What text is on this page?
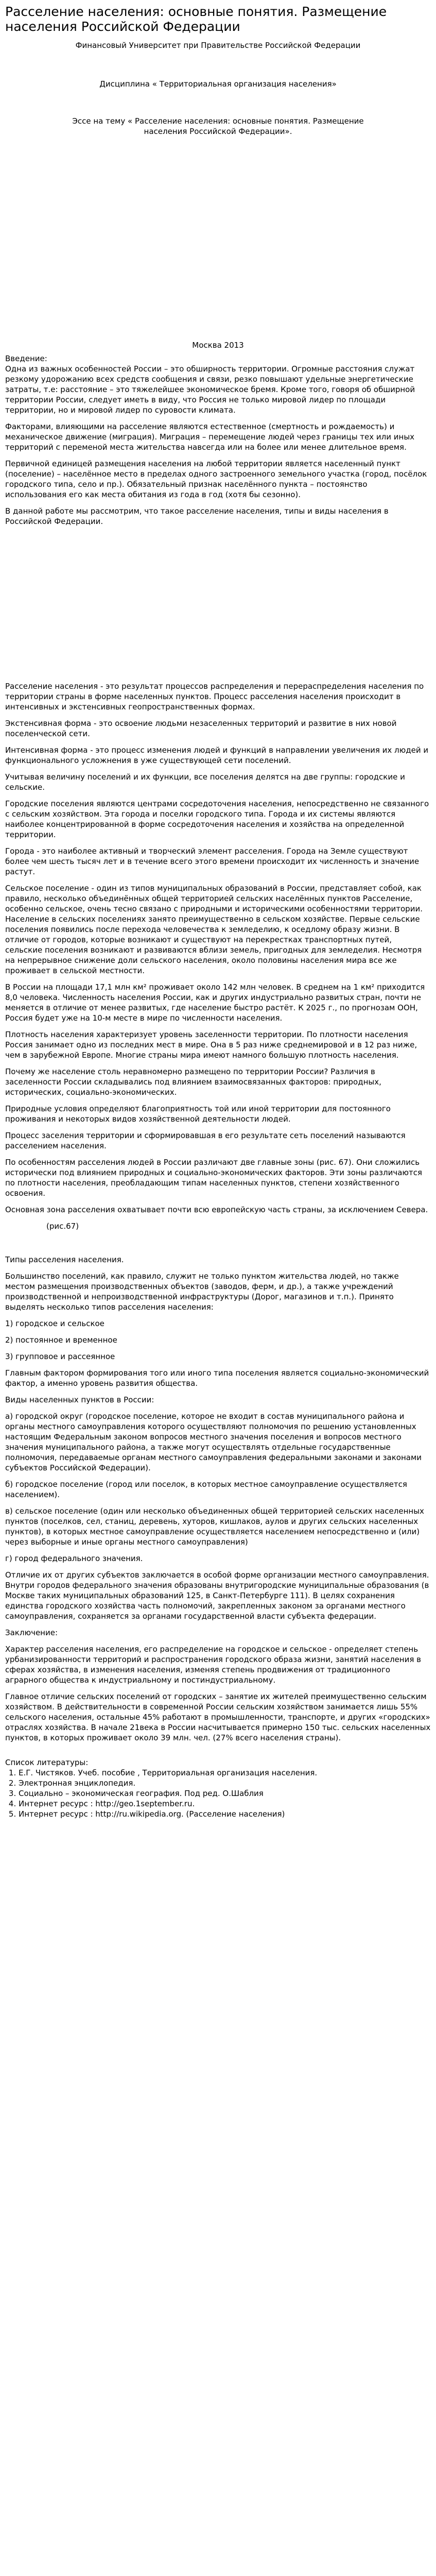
Расселение населения: основные понятия. Размещение населения Российской Федерации
Финансовый Университет при Правительстве Российской Федерации
Дисциплина « Территориальная организация населения»
Эссе на тему « Расселение населения: основные понятия. Размещение населения Российской Федерации».
Москва 2013
Введение:

Одна из важных особенностей России – это обширность территории. Огромные расстояния служат резкому удорожанию всех средств сообщения и связи, резко повышают удельные энергетические затраты, т.е: расстояние – это тяжелейшее экономическое бремя. Кроме того, говоря об обширной территории России, следует иметь в виду, что Россия не только мировой лидер по площади территории, но и мировой лидер по суровости климата.

Факторами, влияющими на расселение являются естественное (смертность и рождаемость) и механическое движение (миграция). Миграция – перемещение людей через границы тех или иных территорий с переменой места жительства навсегда или на более или менее длительное время.

Первичной единицей размещения населения на любой территории является населенный пункт (поселение) – населённое место в пределах одного застроенного земельного участка (город, посёлок городского типа, село и пр.). Обязательный признак населённого пункта – постоянство использования его как места обитания из года в год (хотя бы сезонно).

В данной работе мы рассмотрим, что такое расселение населения, типы и виды населения в Российской Федерации.

Расселение населения - это результат процессов распределения и перераспределения населения по территории страны в форме населенных пунктов. Процесс расселения населения происходит в интенсивных и экстенсивных геопространственных формах.

Экстенсивная форма - это освоение людьми незаселенных территорий и развитие в них новой поселенческой сети.

Интенсивная форма - это процесс изменения людей и функций в направлении увеличения их людей и функционального усложнения в уже существующей сети поселений.

Учитывая величину поселений и их функции, все поселения делятся на две группы: городские и сельские.

Городские поселения являются центрами сосредоточения населения, непосредственно не связанного с сельским хозяйством. Эта города и поселки городского типа. Города и их системы являются наиболее концентрированной в форме сосредоточения населения и хозяйства на определенной территории.

Города - это наиболее активный и творческий элемент расселения. Города на Земле существуют более чем шесть тысяч лет и в течение всего этого времени происходит их численность и значение растут.

Сельское поселение - один из типов муниципальных образований в России, представляет собой, как правило, несколько объединённых общей территорией сельских населённых пунктов Расселение, особенно сельское, очень тесно связано с природными и историческими особенностями территории. Население в сельских поселениях занято преимущественно в сельском хозяйстве. Первые сельские поселения появились после перехода человечества к земледелию, к оседлому образу жизни. В отличие от городов, которые возникают и существуют на перекрестках транспортных путей, сельские поселения возникают и развиваются вблизи земель, пригодных для земледелия. Несмотря на непрерывное снижение доли сельского населения, около половины населения мира все же проживает в сельской местности.

В России на площади 17,1 млн км² проживает около 142 млн человек. В среднем на 1 км² приходится 8,0 человека. Численность населения России, как и других индустриально развитых стран, почти не меняется в отличие от менее развитых, где население быстро растёт. К 2025 г., по прогнозам ООН, Россия будет уже на 10-м месте в мире по численности населения.

Плотность населения характеризует уровень заселенности территории. По плотности населения Россия занимает одно из последних мест в мире. Она в 5 раз ниже среднемировой и в 12 раз ниже, чем в зарубежной Европе. Многие страны мира имеют намного большую плотность населения.

Почему же население столь неравномерно размещено по территории России? Различия в заселенности России складывались под влиянием взаимосвязанных факторов: природных, исторических, социально-экономических.

Природные условия определяют благоприятность той или иной территории для постоянного проживания и некоторых видов хозяйственной деятельности людей.

Процесс заселения территории и сформировавшая в его результате сеть поселений называются расселением населения.

По особенностям расселения людей в России различают две главные зоны (рис. 67). Они сложились исторически под влиянием природных и социально-экономических факторов. Эти зоны различаются по плотности населения, преобладающим типам населенных пунктов, степени хозяйственного освоения.

Основная зона расселения охватывает почти всю европейскую часть страны, за исключением Севера.

(рис.67)

Типы расселения населения.

Большинство поселений, как правило, служит не только пунктом жительства людей, но также местом размещения производственных объектов (заводов, ферм, и др.), а также учреждений производственной и непроизводственной инфраструктуры (Дорог, магазинов и т.п.). Принято выделять несколько типов расселения населения:

1) городское и сельское

2) постоянное и временное

3) групповое и рассеянное

Главным фактором формирования того или иного типа поселения является социально-экономический фактор, а именно уровень развития общества.

Виды населенных пунктов в России:

а) городской округ (городское поселение, которое не входит в состав муниципального района и органы местного самоуправления которого осуществляют полномочия по решению установленных настоящим Федеральным законом вопросов местного значения поселения и вопросов местного значения муниципального района, а также могут осуществлять отдельные государственные полномочия, передаваемые органам местного самоуправления федеральными законами и законами субъектов Российской Федерации).

б) городское поселение (город или поселок, в которых местное самоуправление осуществляется населением).

в) сельское поселение (один или несколько объединенных общей территорией сельских населенных пунктов (поселков, сел, станиц, деревень, хуторов, кишлаков, аулов и других сельских населенных пунктов), в которых местное самоуправление осуществляется населением непосредственно и (или) через выборные и иные органы местного самоуправления)

г) город федерального значения.

Отличие их от других субъектов заключается в особой форме организации местного самоуправления. Внутри городов федерального значения образованы внутригородские муниципальные образования (в Москве таких муниципальных образований 125, в Санкт-Петербурге 111). В целях сохранения единства городского хозяйства часть полномочий, закрепленных законом за органами местного самоуправления, сохраняется за органами государственной власти субъекта федерации.

Заключение:

Характер расселения населения, его распределение на городское и сельское - определяет степень урбанизированности территорий и распространения городского образа жизни, занятий населения в сферах хозяйства, в изменения населения, изменяя степень продвижения от традиционного аграрного общества к индустриальному и постиндустриальному.

Главное отличие сельских поселений от городских – занятие их жителей преимущественно сельским хозяйством. В действительности в современной России сельским хозяйством занимается лишь 55% сельского населения, остальные 45% работают в промышленности, транспорте, и других «городских» отраслях хозяйства. В начале 21века в России насчитывается примерно 150 тыс. сельских населенных пунктов, в которых проживает около 39 млн. чел. (27% всего населения страны).

Список литературы:
1. Е.Г. Чистяков. Учеб. пособие , Территориальная организация населения.
2. Электронная энциклопедия.
3. Социально – экономическая география. Под ред. О.Шаблия
4. Интернет ресурс : http://geo.1september.ru.
5. Интернет ресурс : http://ru.wikipedia.org. (Расселение населения)
